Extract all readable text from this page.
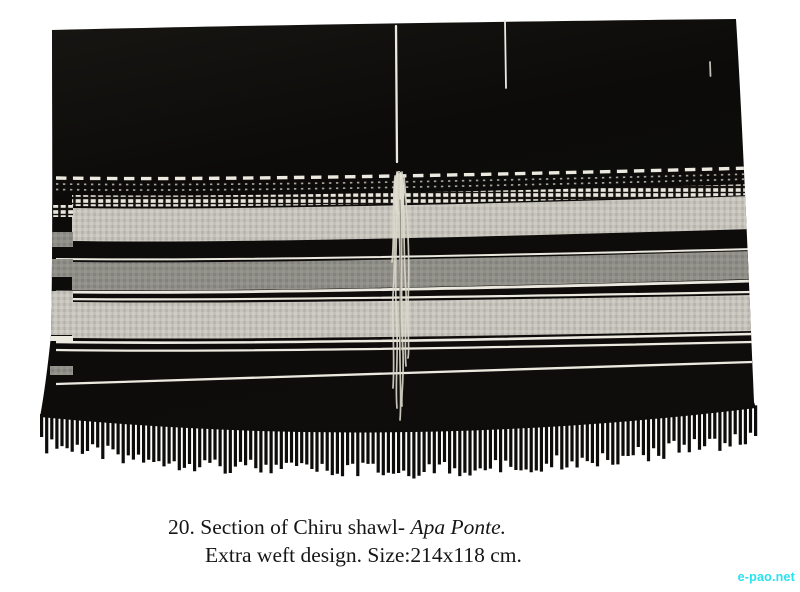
20. Section of Chiru shawl- Apa Ponte.
Extra weft design. Size:214x118 cm.
e-pao.net
